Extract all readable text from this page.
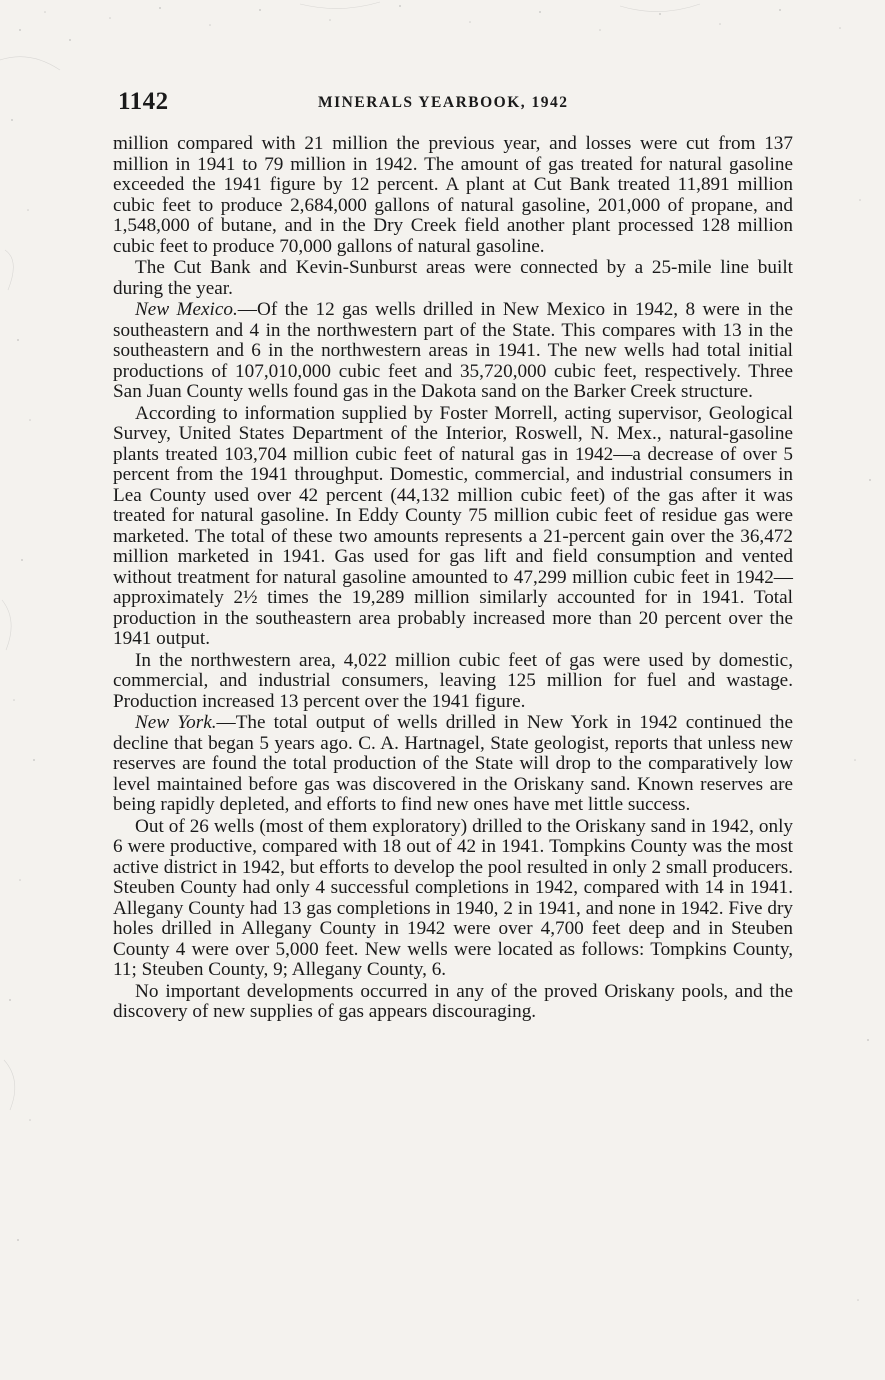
1142	MINERALS YEARBOOK, 1942

million compared with 21 million the previous year, and losses were cut from 137 million in 1941 to 79 million in 1942. The amount of gas treated for natural gasoline exceeded the 1941 figure by 12 percent. A plant at Cut Bank treated 11,891 million cubic feet to produce 2,684,000 gallons of natural gasoline, 201,000 of propane, and 1,548,000 of butane, and in the Dry Creek field another plant processed 128 million cubic feet to produce 70,000 gallons of natural gasoline.

The Cut Bank and Kevin-Sunburst areas were connected by a 25-mile line built during the year.

New Mexico.—Of the 12 gas wells drilled in New Mexico in 1942, 8 were in the southeastern and 4 in the northwestern part of the State. This compares with 13 in the southeastern and 6 in the northwestern areas in 1941. The new wells had total initial productions of 107,010,000 cubic feet and 35,720,000 cubic feet, respectively. Three San Juan County wells found gas in the Dakota sand on the Barker Creek structure.

According to information supplied by Foster Morrell, acting supervisor, Geological Survey, United States Department of the Interior, Roswell, N. Mex., natural-gasoline plants treated 103,704 million cubic feet of natural gas in 1942—a decrease of over 5 percent from the 1941 throughput. Domestic, commercial, and industrial consumers in Lea County used over 42 percent (44,132 million cubic feet) of the gas after it was treated for natural gasoline. In Eddy County 75 million cubic feet of residue gas were marketed. The total of these two amounts represents a 21-percent gain over the 36,472 million marketed in 1941. Gas used for gas lift and field consumption and vented without treatment for natural gasoline amounted to 47,299 million cubic feet in 1942—approximately 2½ times the 19,289 million similarly accounted for in 1941. Total production in the southeastern area probably increased more than 20 percent over the 1941 output.

In the northwestern area, 4,022 million cubic feet of gas were used by domestic, commercial, and industrial consumers, leaving 125 million for fuel and wastage. Production increased 13 percent over the 1941 figure.

New York.—The total output of wells drilled in New York in 1942 continued the decline that began 5 years ago. C. A. Hartnagel, State geologist, reports that unless new reserves are found the total production of the State will drop to the comparatively low level maintained before gas was discovered in the Oriskany sand. Known reserves are being rapidly depleted, and efforts to find new ones have met little success.

Out of 26 wells (most of them exploratory) drilled to the Oriskany sand in 1942, only 6 were productive, compared with 18 out of 42 in 1941. Tompkins County was the most active district in 1942, but efforts to develop the pool resulted in only 2 small producers. Steuben County had only 4 successful completions in 1942, compared with 14 in 1941. Allegany County had 13 gas completions in 1940, 2 in 1941, and none in 1942. Five dry holes drilled in Allegany County in 1942 were over 4,700 feet deep and in Steuben County 4 were over 5,000 feet. New wells were located as follows: Tompkins County, 11; Steuben County, 9; Allegany County, 6.

No important developments occurred in any of the proved Oriskany pools, and the discovery of new supplies of gas appears discouraging.
